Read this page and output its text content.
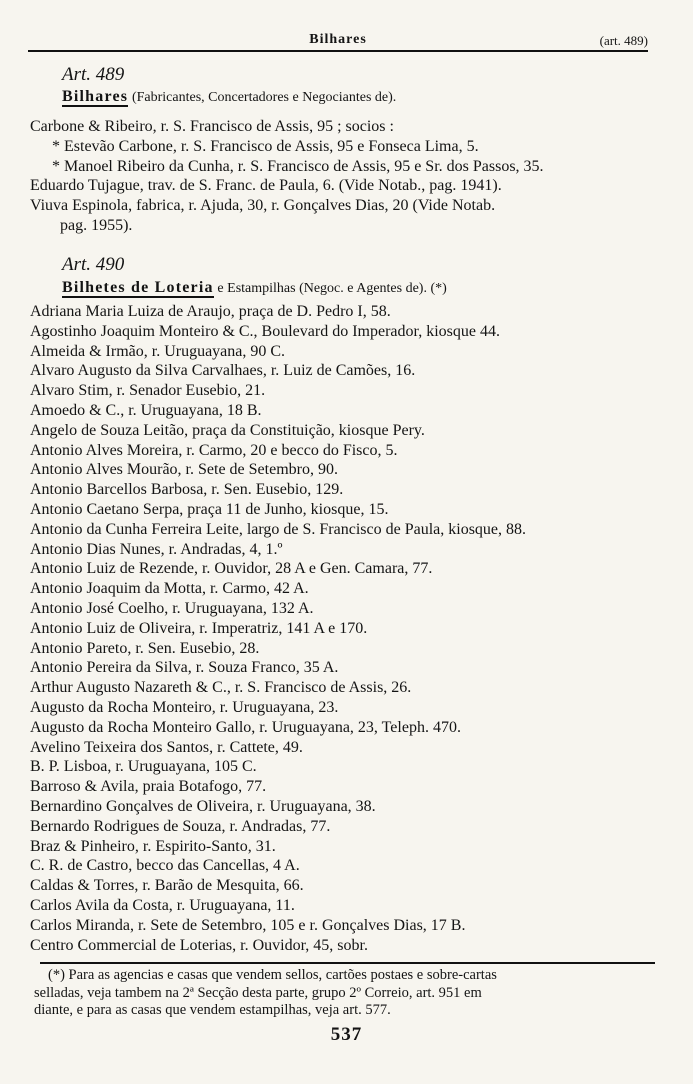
Bilhares	(art. 489)
Art. 489
Bilhares (Fabricantes, Concertadores e Negociantes de).
Carbone & Ribeiro, r. S. Francisco de Assis, 95 ; socios :
* Estevão Carbone, r. S. Francisco de Assis, 95 e Fonseca Lima, 5.
* Manoel Ribeiro da Cunha, r. S. Francisco de Assis, 95 e Sr. dos Passos, 35.
Eduardo Tujague, trav. de S. Franc. de Paula, 6. (Vide Notab., pag. 1941).
Viuva Espinola, fabrica, r. Ajuda, 30, r. Gonçalves Dias, 20 (Vide Notab.
pag. 1955).
Art. 490
Bilhetes de Loteria e Estampilhas (Negoc. e Agentes de). (*)
Adriana Maria Luiza de Araujo, praça de D. Pedro I, 58.
Agostinho Joaquim Monteiro & C., Boulevard do Imperador, kiosque 44.
Almeida & Irmão, r. Uruguayana, 90 C.
Alvaro Augusto da Silva Carvalhaes, r. Luiz de Camões, 16.
Alvaro Stim, r. Senador Eusebio, 21.
Amoedo & C., r. Uruguayana, 18 B.
Angelo de Souza Leitão, praça da Constituição, kiosque Pery.
Antonio Alves Moreira, r. Carmo, 20 e becco do Fisco, 5.
Antonio Alves Mourão, r. Sete de Setembro, 90.
Antonio Barcellos Barbosa, r. Sen. Eusebio, 129.
Antonio Caetano Serpa, praça 11 de Junho, kiosque, 15.
Antonio da Cunha Ferreira Leite, largo de S. Francisco de Paula, kiosque, 88.
Antonio Dias Nunes, r. Andradas, 4, 1.º
Antonio Luiz de Rezende, r. Ouvidor, 28 A e Gen. Camara, 77.
Antonio Joaquim da Motta, r. Carmo, 42 A.
Antonio José Coelho, r. Uruguayana, 132 A.
Antonio Luiz de Oliveira, r. Imperatriz, 141 A e 170.
Antonio Pareto, r. Sen. Eusebio, 28.
Antonio Pereira da Silva, r. Souza Franco, 35 A.
Arthur Augusto Nazareth & C., r. S. Francisco de Assis, 26.
Augusto da Rocha Monteiro, r. Uruguayana, 23.
Augusto da Rocha Monteiro Gallo, r. Uruguayana, 23, Teleph. 470.
Avelino Teixeira dos Santos, r. Cattete, 49.
B. P. Lisboa, r. Uruguayana, 105 C.
Barroso & Avila, praia Botafogo, 77.
Bernardino Gonçalves de Oliveira, r. Uruguayana, 38.
Bernardo Rodrigues de Souza, r. Andradas, 77.
Braz & Pinheiro, r. Espirito-Santo, 31.
C. R. de Castro, becco das Cancellas, 4 A.
Caldas & Torres, r. Barão de Mesquita, 66.
Carlos Avila da Costa, r. Uruguayana, 11.
Carlos Miranda, r. Sete de Setembro, 105 e r. Gonçalves Dias, 17 B.
Centro Commercial de Loterias, r. Ouvidor, 45, sobr.
(*) Para as agencias e casas que vendem sellos, cartões postaes e sobre-cartas
selladas, veja tambem na 2ª Secção desta parte, grupo 2º Correio, art. 951 em
diante, e para as casas que vendem estampilhas, veja art. 577.
537
